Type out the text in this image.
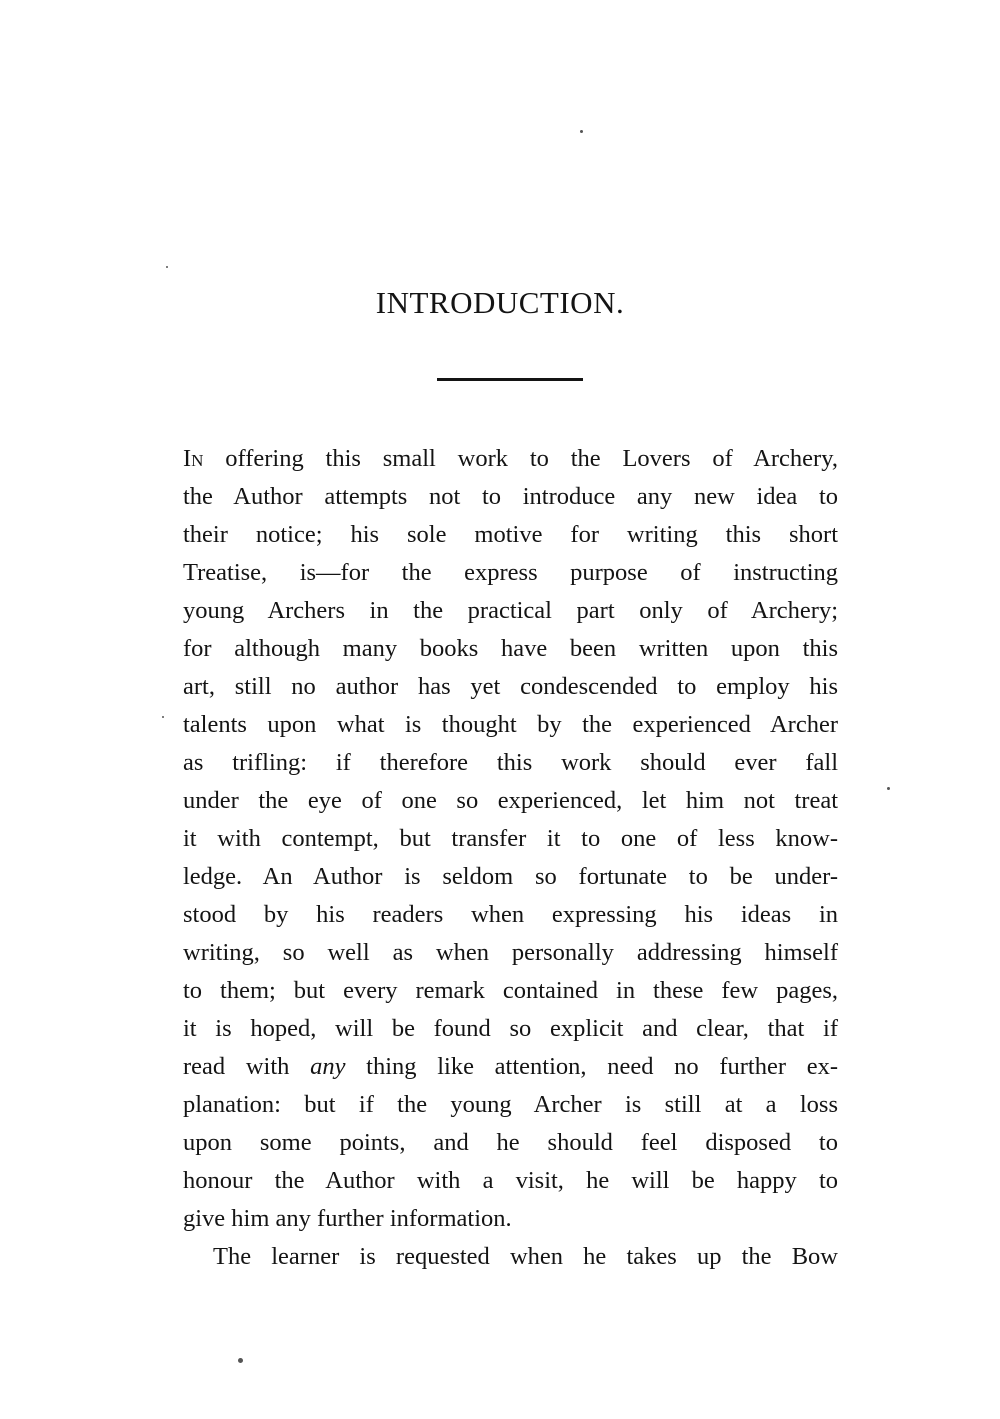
INTRODUCTION.
In offering this small work to the Lovers of Archery,
the Author attempts not to introduce any new idea to
their notice; his sole motive for writing this short
Treatise, is—for the express purpose of instructing
young Archers in the practical part only of Archery;
for although many books have been written upon this
art, still no author has yet condescended to employ his
talents upon what is thought by the experienced Archer
as trifling: if therefore this work should ever fall
under the eye of one so experienced, let him not treat
it with contempt, but transfer it to one of less know-
ledge. An Author is seldom so fortunate to be under-
stood by his readers when expressing his ideas in
writing, so well as when personally addressing himself
to them; but every remark contained in these few pages,
it is hoped, will be found so explicit and clear, that if
read with any thing like attention, need no further ex-
planation: but if the young Archer is still at a loss
upon some points, and he should feel disposed to
honour the Author with a visit, he will be happy to
give him any further information.
The learner is requested when he takes up the Bow
